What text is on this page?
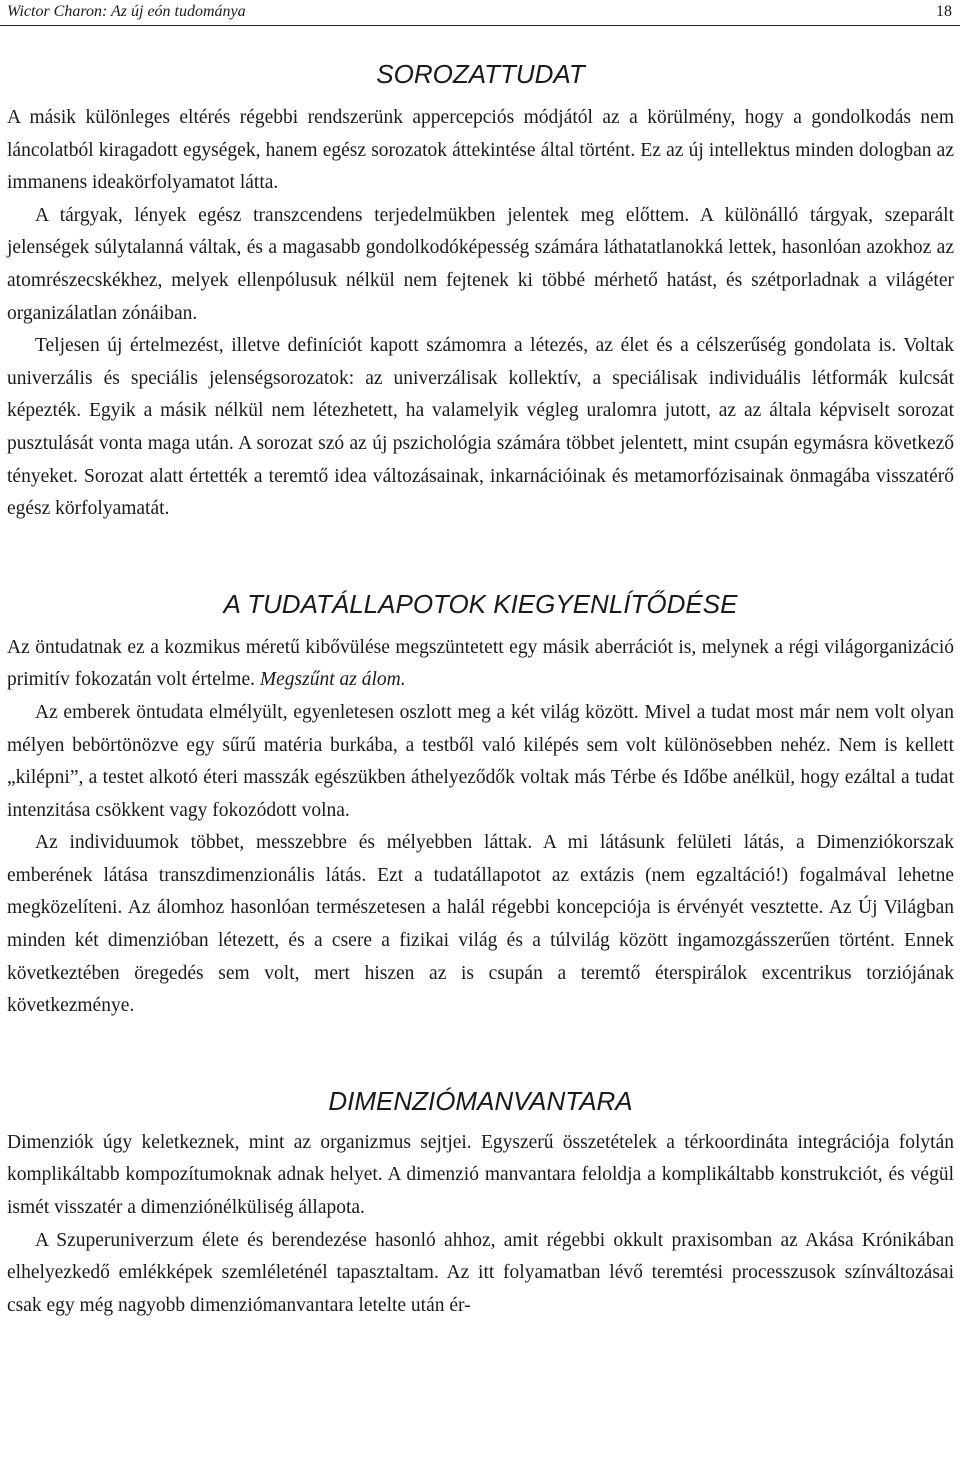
Wictor Charon: Az új eón tudománya	18
SOROZATTUDAT

A másik különleges eltérés régebbi rendszerünk appercepciós módjától az a körülmény, hogy a gondolkodás nem láncolatból kiragadott egységek, hanem egész sorozatok áttekintése által történt. Ez az új intellektus minden dologban az immanens ideakörfolyamatot látta.

A tárgyak, lények egész transzcendens terjedelmükben jelentek meg előttem. A különálló tárgyak, szeparált jelenségek súlytalanná váltak, és a magasabb gondolkodóképesség számára láthatatlanokká lettek, hasonlóan azokhoz az atomrészecskékhez, melyek ellenpólusuk nélkül nem fejtenek ki többé mérhető hatást, és szétporladnak a világéter organizálatlan zónáiban.

Teljesen új értelmezést, illetve definíciót kapott számomra a létezés, az élet és a célszerűség gondolata is. Voltak univerzális és speciális jelenségsorozatok: az univerzálisak kollektív, a speciálisak individuális létformák kulcsát képezték. Egyik a másik nélkül nem létezhetett, ha valamelyik végleg uralomra jutott, az az általa képviselt sorozat pusztulását vonta maga után. A sorozat szó az új pszichológia számára többet jelentett, mint csupán egymásra következő tényeket. Sorozat alatt értették a teremtő idea változásainak, inkarnációinak és metamorfózisainak önmagába visszatérő egész körfolyamatát.

A TUDATÁLLAPOTOK KIEGYENLÍTŐDÉSE

Az öntudatnak ez a kozmikus méretű kibővülése megszüntetett egy másik aberrációt is, melynek a régi világorganizáció primitív fokozatán volt értelme. Megszűnt az álom.

Az emberek öntudata elmélyült, egyenletesen oszlott meg a két világ között. Mivel a tudat most már nem volt olyan mélyen bebörtönözve egy sűrű matéria burkába, a testből való kilépés sem volt különösebben nehéz. Nem is kellett „kilépni”, a testet alkotó éteri masszák egészükben áthelyeződők voltak más Térbe és Időbe anélkül, hogy ezáltal a tudat intenzitása csökkent vagy fokozódott volna.

Az individuumok többet, messzebbre és mélyebben láttak. A mi látásunk felületi látás, a Dimenziókorszak emberének látása transzdimenzionális látás. Ezt a tudatállapotot az extázis (nem egzaltáció!) fogalmával lehetne megközelíteni. Az álomhoz hasonlóan természetesen a halál régebbi koncepciója is érvényét vesztette. Az Új Világban minden két dimenzióban létezett, és a csere a fizikai világ és a túlvilág között ingamozgásszerűen történt. Ennek következtében öregedés sem volt, mert hiszen az is csupán a teremtő éterspirálok excentrikus torziójának következménye.

DIMENZIÓMANVANTARA

Dimenziók úgy keletkeznek, mint az organizmus sejtjei. Egyszerű összetételek a térkoordináta integrációja folytán komplikáltabb kompozítumoknak adnak helyet. A dimenzió manvantara feloldja a komplikáltabb konstrukciót, és végül ismét visszatér a dimenziónélküliség állapota.

A Szuperuniverzum élete és berendezése hasonló ahhoz, amit régebbi okkult praxisomban az Akása Krónikában elhelyezkedő emlékképek szemléleténél tapasztaltam. Az itt folyamatban lévő teremtési processzusok színváltozásai csak egy még nagyobb dimenziómanvantara letelte után ér-
